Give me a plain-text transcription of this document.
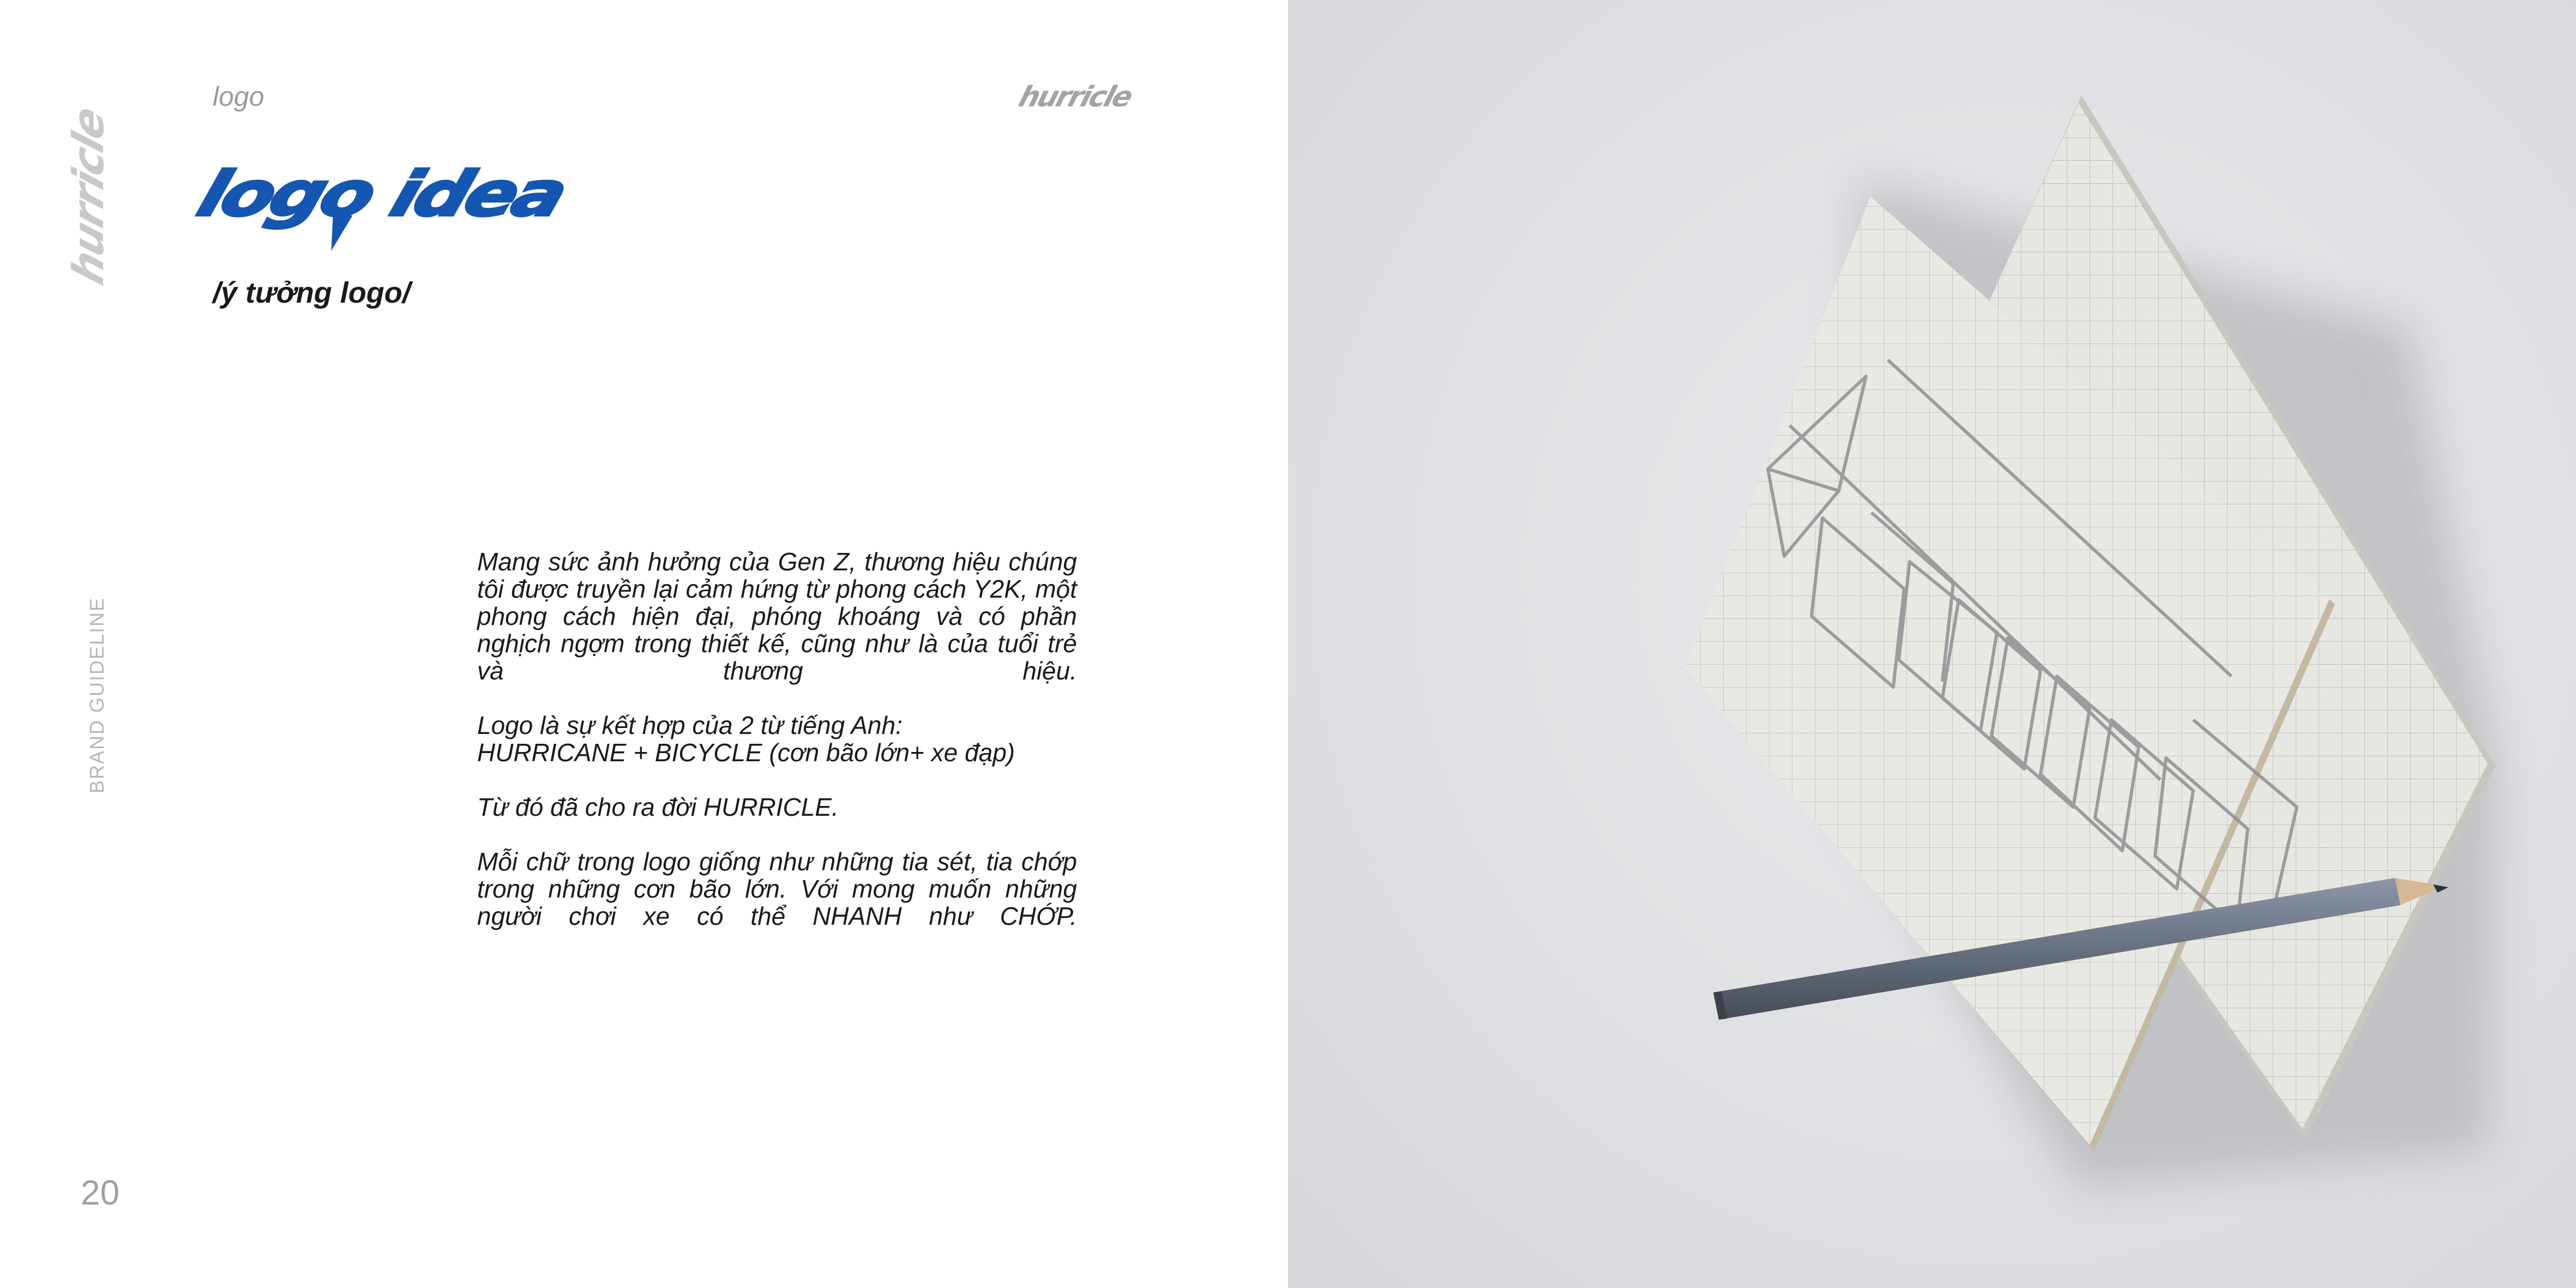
hurricle
logo	hurricle
logo idea
/ý tưởng logo/

Mang sức ảnh hưởng của Gen Z, thương hiệu chúng tôi được truyền lại cảm hứng từ phong cách Y2K, một phong cách hiện đại, phóng khoáng và có phần nghịch ngợm trong thiết kế, cũng như là của tuổi trẻ và thương hiệu.

Logo là sự kết hợp của 2 từ tiếng Anh:

HURRICANE + BICYCLE (cơn bão lớn+ xe đạp)

Từ đó đã cho ra đời HURRICLE.

Mỗi chữ trong logo giống như những tia sét, tia chớp trong những cơn bão lớn. Với mong muốn những người chơi xe có thể NHANH như CHỚP.

BRAND GUIDELINE
20
